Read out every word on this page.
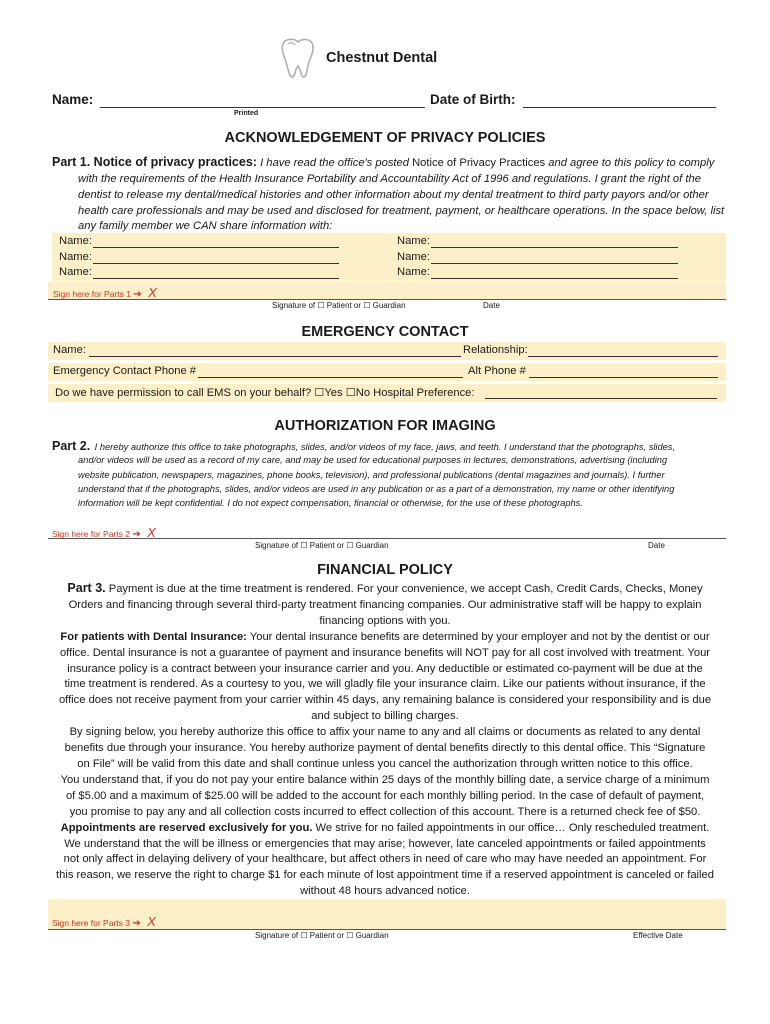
Chestnut Dental
Name:
Printed
Date of Birth:
ACKNOWLEDGEMENT OF PRIVACY POLICIES
Part 1. Notice of privacy practices: I have read the office's posted Notice of Privacy Practices and agree to this policy to comply
with the requirements of the Health Insurance Portability and Accountability Act of 1996 and regulations. I grant the right of the
dentist to release my dental/medical histories and other information about my dental treatment to third party payors and/or other
health care professionals and may be used and disclosed for treatment, payment, or healthcare operations. In the space below, list
any family member we CAN share information with:
Name:	Name:
Name:	Name:
Name:	Name:
Sign here for Parts 1 ➔ X
Signature of ☐ Patient or ☐ Guardian	Date
EMERGENCY CONTACT
Name:	Relationship:
Emergency Contact Phone #	Alt Phone #
Do we have permission to call EMS on your behalf? ☐Yes ☐No Hospital Preference:
AUTHORIZATION FOR IMAGING
Part 2. I hereby authorize this office to take photographs, slides, and/or videos of my face, jaws, and teeth. I understand that the photographs, slides,
and/or videos will be used as a record of my care, and may be used for educational purposes in lectures, demonstrations, advertising (including
website publication, newspapers, magazines, phone books, television), and professional publications (dental magazines and journals). I further
understand that if the photographs, slides, and/or videos are used in any publication or as a part of a demonstration, my name or other identifying
information will be kept confidential. I do not expect compensation, financial or otherwise, for the use of these photographs.
Sign here for Parts 2 ➔ X
Signature of ☐ Patient or ☐ Guardian	Date
FINANCIAL POLICY
Part 3. Payment is due at the time treatment is rendered. For your convenience, we accept Cash, Credit Cards, Checks, Money
Orders and financing through several third-party treatment financing companies. Our administrative staff will be happy to explain
financing options with you.
For patients with Dental Insurance: Your dental insurance benefits are determined by your employer and not by the dentist or our
office. Dental insurance is not a guarantee of payment and insurance benefits will NOT pay for all cost involved with treatment. Your
insurance policy is a contract between your insurance carrier and you. Any deductible or estimated co-payment will be due at the
time treatment is rendered. As a courtesy to you, we will gladly file your insurance claim. Like our patients without insurance, if the
office does not receive payment from your carrier within 45 days, any remaining balance is considered your responsibility and is due
and subject to billing charges.
By signing below, you hereby authorize this office to affix your name to any and all claims or documents as related to any dental
benefits due through your insurance. You hereby authorize payment of dental benefits directly to this dental office. This “Signature
on File” will be valid from this date and shall continue unless you cancel the authorization through written notice to this office.
You understand that, if you do not pay your entire balance within 25 days of the monthly billing date, a service charge of a minimum
of $5.00 and a maximum of $25.00 will be added to the account for each monthly billing period. In the case of default of payment,
you promise to pay any and all collection costs incurred to effect collection of this account. There is a returned check fee of $50.
Appointments are reserved exclusively for you. We strive for no failed appointments in our office… Only rescheduled treatment.
We understand that the will be illness or emergencies that may arise; however, late canceled appointments or failed appointments
not only affect in delaying delivery of your healthcare, but affect others in need of care who may have needed an appointment. For
this reason, we reserve the right to charge $1 for each minute of lost appointment time if a reserved appointment is canceled or failed
without 48 hours advanced notice.
Sign here for Parts 3 ➔ X
Signature of ☐ Patient or ☐ Guardian	Effective Date
